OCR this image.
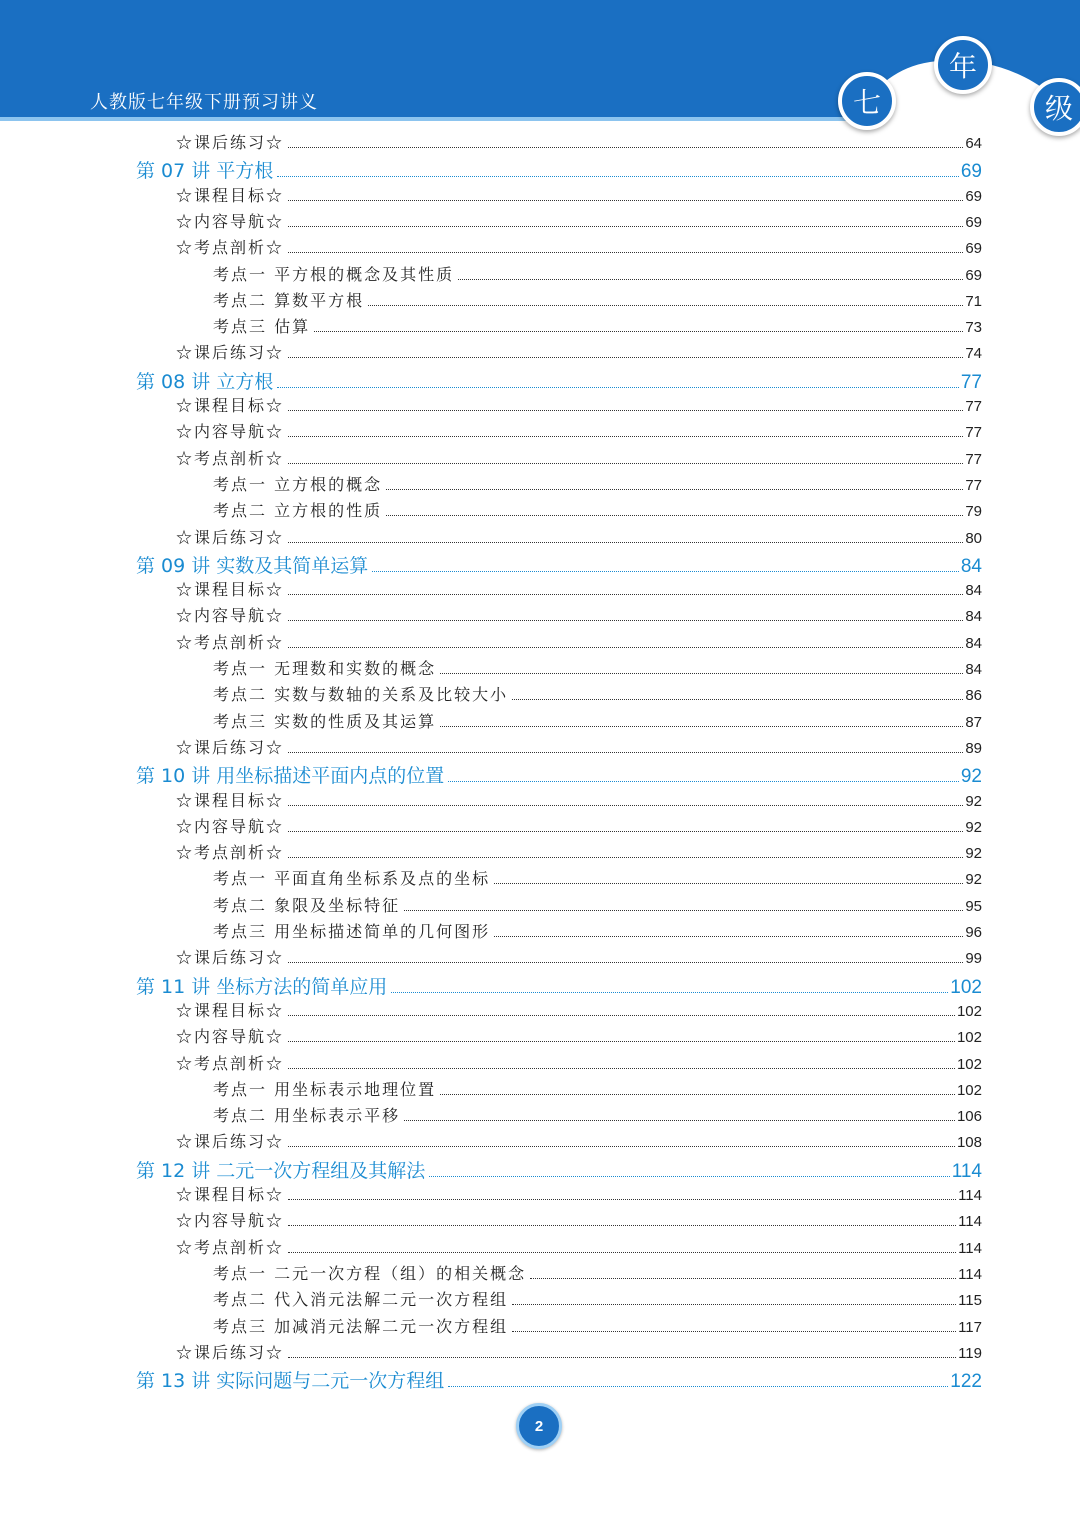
人教版七年级下册预习讲义	七
年
级
☆课后练习☆	64
第 07 讲 平方根	69
☆课程目标☆	69
☆内容导航☆	69
☆考点剖析☆	69
考点一 平方根的概念及其性质	69
考点二 算数平方根	71
考点三 估算	73
☆课后练习☆	74
第 08 讲 立方根	77
☆课程目标☆	77
☆内容导航☆	77
☆考点剖析☆	77
考点一 立方根的概念	77
考点二 立方根的性质	79
☆课后练习☆	80
第 09 讲 实数及其简单运算	84
☆课程目标☆	84
☆内容导航☆	84
☆考点剖析☆	84
考点一 无理数和实数的概念	84
考点二 实数与数轴的关系及比较大小	86
考点三 实数的性质及其运算	87
☆课后练习☆	89
第 10 讲 用坐标描述平面内点的位置	92
☆课程目标☆	92
☆内容导航☆	92
☆考点剖析☆	92
考点一 平面直角坐标系及点的坐标	92
考点二 象限及坐标特征	95
考点三 用坐标描述简单的几何图形	96
☆课后练习☆	99
第 11 讲 坐标方法的简单应用	102
☆课程目标☆	102
☆内容导航☆	102
☆考点剖析☆	102
考点一 用坐标表示地理位置	102
考点二 用坐标表示平移	106
☆课后练习☆	108
第 12 讲 二元一次方程组及其解法	114
☆课程目标☆	114
☆内容导航☆	114
☆考点剖析☆	114
考点一 二元一次方程（组）的相关概念	114
考点二 代入消元法解二元一次方程组	115
考点三 加减消元法解二元一次方程组	117
☆课后练习☆	119
第 13 讲 实际问题与二元一次方程组	122
2
